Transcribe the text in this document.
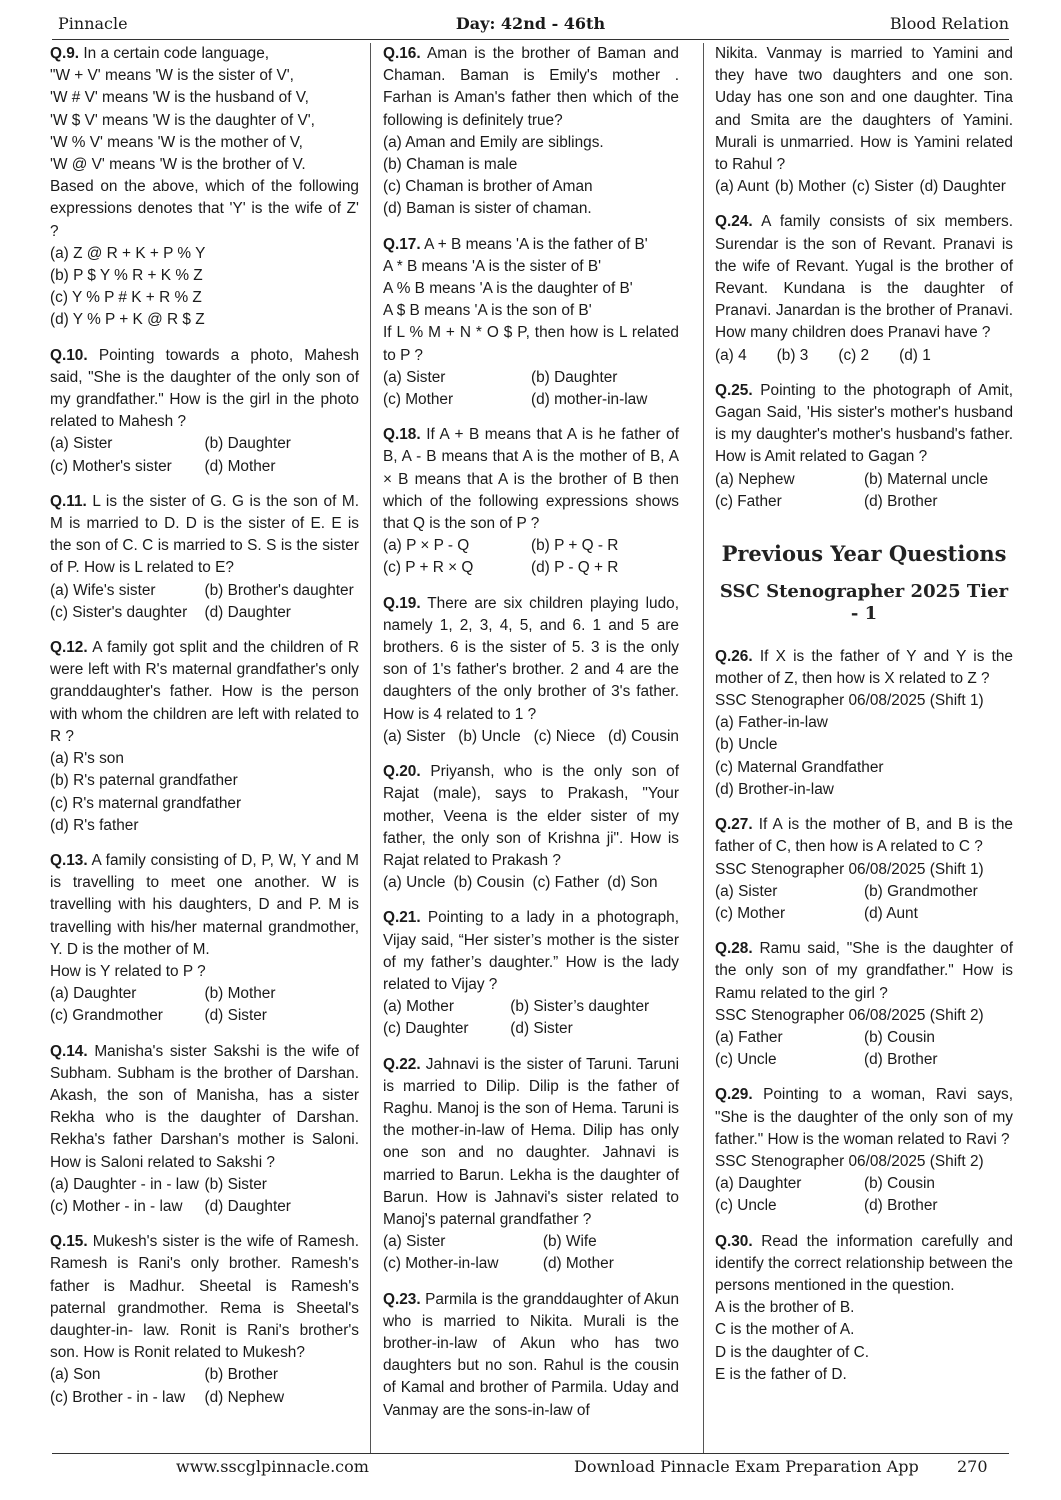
Pinnacle	Day: 42nd - 46th	Blood Relation
Q.9. In a certain code language,
"W + V' means 'W is the sister of V',
'W # V' means 'W is the husband of V,
'W $ V' means 'W is the daughter of V',
'W % V' means 'W is the mother of V,
'W @ V' means 'W is the brother of V.
Based on the above, which of the following expressions denotes that 'Y' is the wife of Z' ?
(a) Z @ R + K + P % Y
(b) P $ Y % R + K % Z
(c) Y % P # K + R % Z
(d) Y % P + K @ R $ Z
Q.10. Pointing towards a photo, Mahesh said, "She is the daughter of the only son of my grandfather." How is the girl in the photo related to Mahesh ?
(a) Sister	(b) Daughter
(c) Mother's sister	(d) Mother
Q.11. L is the sister of G. G is the son of M. M is married to D. D is the sister of E. E is the son of C. C is married to S. S is the sister of P. How is L related to E?
(a) Wife's sister	(b) Brother's daughter
(c) Sister's daughter	(d) Daughter
Q.12. A family got split and the children of R were left with R's maternal grandfather's only granddaughter's father. How is the person with whom the children are left with related to R ?
(a) R's son
(b) R's paternal grandfather
(c) R's maternal grandfather
(d) R's father
Q.13. A family consisting of D, P, W, Y and M is travelling to meet one another. W is travelling with his daughters, D and P. M is travelling with his/her maternal grandmother, Y. D is the mother of M.
How is Y related to P ?
(a) Daughter	(b) Mother
(c) Grandmother	(d) Sister
Q.14. Manisha's sister Sakshi is the wife of Subham. Subham is the brother of Darshan. Akash, the son of Manisha, has a sister Rekha who is the daughter of Darshan. Rekha's father Darshan's mother is Saloni. How is Saloni related to Sakshi ?
(a) Daughter - in - law (b) Sister
(c) Mother - in - law	(d) Daughter
Q.15. Mukesh's sister is the wife of Ramesh. Ramesh is Rani's only brother. Ramesh's father is Madhur. Sheetal is Ramesh's paternal grandmother. Rema is Sheetal's daughter-in- law. Ronit is Rani's brother's son. How is Ronit related to Mukesh?
(a) Son	(b) Brother
(c) Brother - in - law	(d) Nephew
Q.16. Aman is the brother of Baman and Chaman. Baman is Emily's mother . Farhan is Aman's father then which of the following is definitely true?
(a) Aman and Emily are siblings.
(b) Chaman is male
(c) Chaman is brother of Aman
(d) Baman is sister of chaman.
Q.17. A + B means 'A is the father of B'
A * B means 'A is the sister of B'
A % B means 'A is the daughter of B'
A $ B means 'A is the son of B'
If L % M + N * O $ P, then how is L related to P ?
(a) Sister	(b) Daughter
(c) Mother	(d) mother-in-law
Q.18. If A + B means that A is he father of B, A - B means that A is the mother of B, A × B means that A is the brother of B then which of the following expressions shows that Q is the son of P ?
(a) P × P - Q	(b) P + Q - R
(c) P + R × Q	(d) P - Q + R
Q.19. There are six children playing ludo, namely 1, 2, 3, 4, 5, and 6. 1 and 5 are brothers. 6 is the sister of 5. 3 is the only son of 1's father's brother. 2 and 4 are the daughters of the only brother of 3's father. How is 4 related to 1 ?
(a) Sister (b) Uncle (c) Niece (d) Cousin
Q.20. Priyansh, who is the only son of Rajat (male), says to Prakash, "Your mother, Veena is the elder sister of my father, the only son of Krishna ji". How is Rajat related to Prakash ?
(a) Uncle (b) Cousin (c) Father (d) Son
Q.21. Pointing to a lady in a photograph, Vijay said, “Her sister’s mother is the sister of my father’s daughter.” How is the lady related to Vijay ?
(a) Mother	(b) Sister’s daughter
(c) Daughter	(d) Sister
Q.22. Jahnavi is the sister of Taruni. Taruni is married to Dilip. Dilip is the father of Raghu. Manoj is the son of Hema. Taruni is the mother-in-law of Hema. Dilip has only one son and no daughter. Jahnavi is married to Barun. Lekha is the daughter of Barun. How is Jahnavi's sister related to Manoj's paternal grandfather ?
(a) Sister	(b) Wife
(c) Mother-in-law	(d) Mother
Q.23. Parmila is the granddaughter of Akun who is married to Nikita. Murali is the brother-in-law of Akun who has two daughters but no son. Rahul is the cousin of Kamal and brother of Parmila. Uday and Vanmay are the sons-in-law of
Nikita. Vanmay is married to Yamini and they have two daughters and one son. Uday has one son and one daughter. Tina and Smita are the daughters of Yamini. Murali is unmarried. How is Yamini related to Rahul ?
(a) Aunt (b) Mother (c) Sister (d) Daughter
Q.24. A family consists of six members. Surendar is the son of Revant. Pranavi is the wife of Revant. Yugal is the brother of Revant. Kundana is the daughter of Pranavi. Janardan is the brother of Pranavi. How many children does Pranavi have ?
(a) 4 (b) 3 (c) 2 (d) 1
Q.25. Pointing to the photograph of Amit, Gagan Said, 'His sister's mother's husband is my daughter's mother's husband's father. How is Amit related to Gagan ?
(a) Nephew	(b) Maternal uncle
(c) Father	(d) Brother
Previous Year Questions
SSC Stenographer 2025 Tier - 1
Q.26. If X is the father of Y and Y is the mother of Z, then how is X related to Z ?
SSC Stenographer 06/08/2025 (Shift 1)
(a) Father-in-law
(b) Uncle
(c) Maternal Grandfather
(d) Brother-in-law
Q.27. If A is the mother of B, and B is the father of C, then how is A related to C ?
SSC Stenographer 06/08/2025 (Shift 1)
(a) Sister	(b) Grandmother
(c) Mother	(d) Aunt
Q.28. Ramu said, "She is the daughter of the only son of my grandfather." How is Ramu related to the girl ?
SSC Stenographer 06/08/2025 (Shift 2)
(a) Father	(b) Cousin
(c) Uncle	(d) Brother
Q.29. Pointing to a woman, Ravi says, "She is the daughter of the only son of my father." How is the woman related to Ravi ?
SSC Stenographer 06/08/2025 (Shift 2)
(a) Daughter	(b) Cousin
(c) Uncle	(d) Brother
Q.30. Read the information carefully and identify the correct relationship between the persons mentioned in the question.
A is the brother of B.
C is the mother of A.
D is the daughter of C.
E is the father of D.
www.sscglpinnacle.com	Download Pinnacle Exam Preparation App 270
